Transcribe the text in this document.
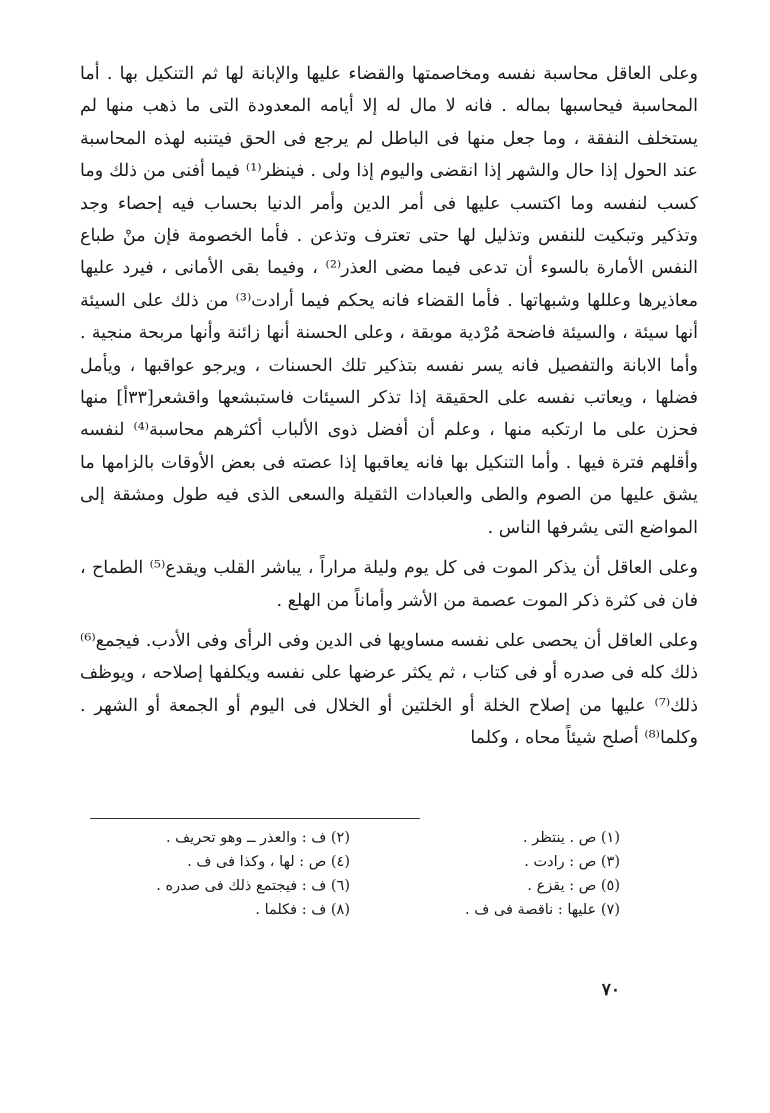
وعلى العاقل محاسبة نفسه ومخاصمتها والقضاء عليها والإبانة لها ثم التنكيل بها . أما المحاسبة فيحاسبها بماله . فانه لا مال له إلا أيامه المعدودة التى ما ذهب منها لم يستخلف النفقة ، وما جعل منها فى الباطل لم يرجع فى الحق فيتنبه لهذه المحاسبة عند الحول إذا حال والشهر إذا انقضى واليوم إذا ولى . فينظر⁽¹⁾ فيما أفنى من ذلك وما كسب لنفسه وما اكتسب عليها فى أمر الدين وأمر الدنيا بحساب فيه إحصاء وجد وتذكير وتبكيت للنفس وتذليل لها حتى تعترف وتذعن . فأما الخصومة فإن منْ طباع النفس الأمارة بالسوء أن تدعى فيما مضى العذر⁽²⁾ ، وفيما بقى الأمانى ، فيرد عليها معاذيرها وعللها وشبهاتها . فأما القضاء فانه يحكم فيما أرادت⁽³⁾ من ذلك على السيئة أنها سيئة ، والسيئة فاضحة مُرْدية موبقة ، وعلى الحسنة أنها زائنة وأنها مربحة منجية . وأما الابانة والتفصيل فانه يسر نفسه بتذكير تلك الحسنات ، ويرجو عواقبها ، ويأمل فضلها ، ويعاتب نفسه على الحقيقة إذا تذكر السيئات فاستبشعها واقشعر[٣٣أ] منها فحزن على ما ارتكبه منها ، وعلم أن أفضل ذوى الألباب أكثرهم محاسبة⁽⁴⁾ لنفسه وأقلهم فترة فيها . وأما التنكيل بها فانه يعاقبها إذا عصته فى بعض الأوقات بالزامها ما يشق عليها من الصوم والطى والعبادات الثقيلة والسعى الذى فيه طول ومشقة إلى المواضع التى يشرفها الناس .

وعلى العاقل أن يذكر الموت فى كل يوم وليلة مراراً ، يباشر القلب ويقدع⁽⁵⁾ الطماح ، فان فى كثرة ذكر الموت عصمة من الأشر وأماناً من الهلع .

وعلى العاقل أن يحصى على نفسه مساويها فى الدين وفى الرأى وفى الأدب. فيجمع⁽⁶⁾ ذلك كله فى صدره أو فى كتاب ، ثم يكثر عرضها على نفسه ويكلفها إصلاحه ، ويوظف ذلك⁽⁷⁾ عليها من إصلاح الخلة أو الخلتين أو الخلال فى اليوم أو الجمعة أو الشهر . وكلما⁽⁸⁾ أصلح شيئاً محاه ، وكلما

(١) ص . ينتظر .
(٢) ف : والعذر ــ وهو تحريف .
(٣) ص : رادت .
(٤) ص : لها ، وكذا فى ف .
(٥) ص : يقزع .
(٦) ف : فيجتمع ذلك فى صدره .
(٧) عليها : ناقصة فى ف .
(٨) ف : فكلما .
٧٠
